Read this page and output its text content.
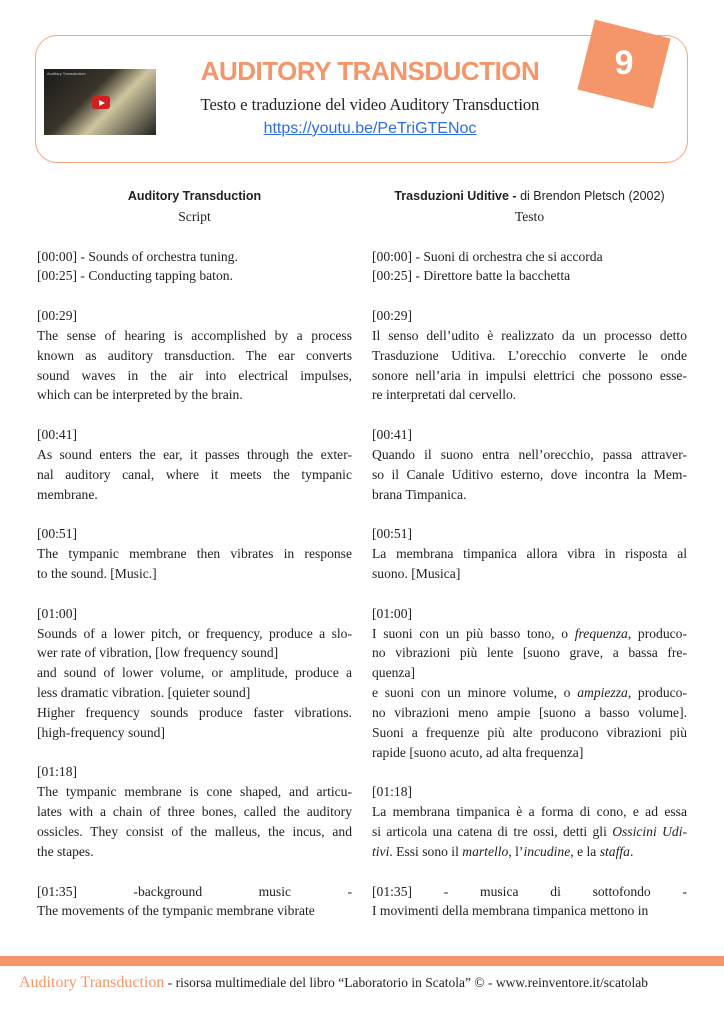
Auditory Transduction	AUDITORY TRANSDUCTION
Testo e traduzione del video Auditory Transduction
https://youtu.be/PeTriGTENoc
9
Auditory Transduction
Script
[00:00] - Sounds of orchestra tuning.
[00:25] - Conducting tapping baton.
[00:29]
The sense of hearing is accomplished by a process
known as auditory transduction. The ear converts
sound waves in the air into electrical impulses,
which can be interpreted by the brain.
[00:41]
As sound enters the ear, it passes through the exter-
nal auditory canal, where it meets the tympanic
membrane.
[00:51]
The tympanic membrane then vibrates in response
to the sound. [Music.]
[01:00]
Sounds of a lower pitch, or frequency, produce a slo-
wer rate of vibration, [low frequency sound]
and sound of lower volume, or amplitude, produce a
less dramatic vibration. [quieter sound]
Higher frequency sounds produce faster vibrations.
[high-frequency sound]
[01:18]
The tympanic membrane is cone shaped, and articu-
lates with a chain of three bones, called the auditory
ossicles. They consist of the malleus, the incus, and
the stapes.
[01:35] -background music -
The movements of the tympanic membrane vibrate
Trasduzioni Uditive - di Brendon Pletsch (2002)
Testo
[00:00] - Suoni di orchestra che si accorda
[00:25] - Direttore batte la bacchetta
[00:29]
Il senso dell’udito è realizzato da un processo detto
Trasduzione Uditiva. L’orecchio converte le onde
sonore nell’aria in impulsi elettrici che possono esse-
re interpretati dal cervello.
[00:41]
Quando il suono entra nell’orecchio, passa attraver-
so il Canale Uditivo esterno, dove incontra la Mem-
brana Timpanica.
[00:51]
La membrana timpanica allora vibra in risposta al
suono. [Musica]
[01:00]
I suoni con un più basso tono, o frequenza, produco-
no vibrazioni più lente [suono grave, a bassa fre-
quenza]
e suoni con un minore volume, o ampiezza, produco-
no vibrazioni meno ampie [suono a basso volume].
Suoni a frequenze più alte producono vibrazioni più
rapide [suono acuto, ad alta frequenza]
[01:18]
La membrana timpanica è a forma di cono, e ad essa
si articola una catena di tre ossi, detti gli Ossicini Udi-
tivi. Essi sono il martello, l’incudine, e la staffa.
[01:35] - musica di sottofondo -
I movimenti della membrana timpanica mettono in
Auditory Transduction - risorsa multimediale del libro “Laboratorio in Scatola” © - www.reinventore.it/scatolab
